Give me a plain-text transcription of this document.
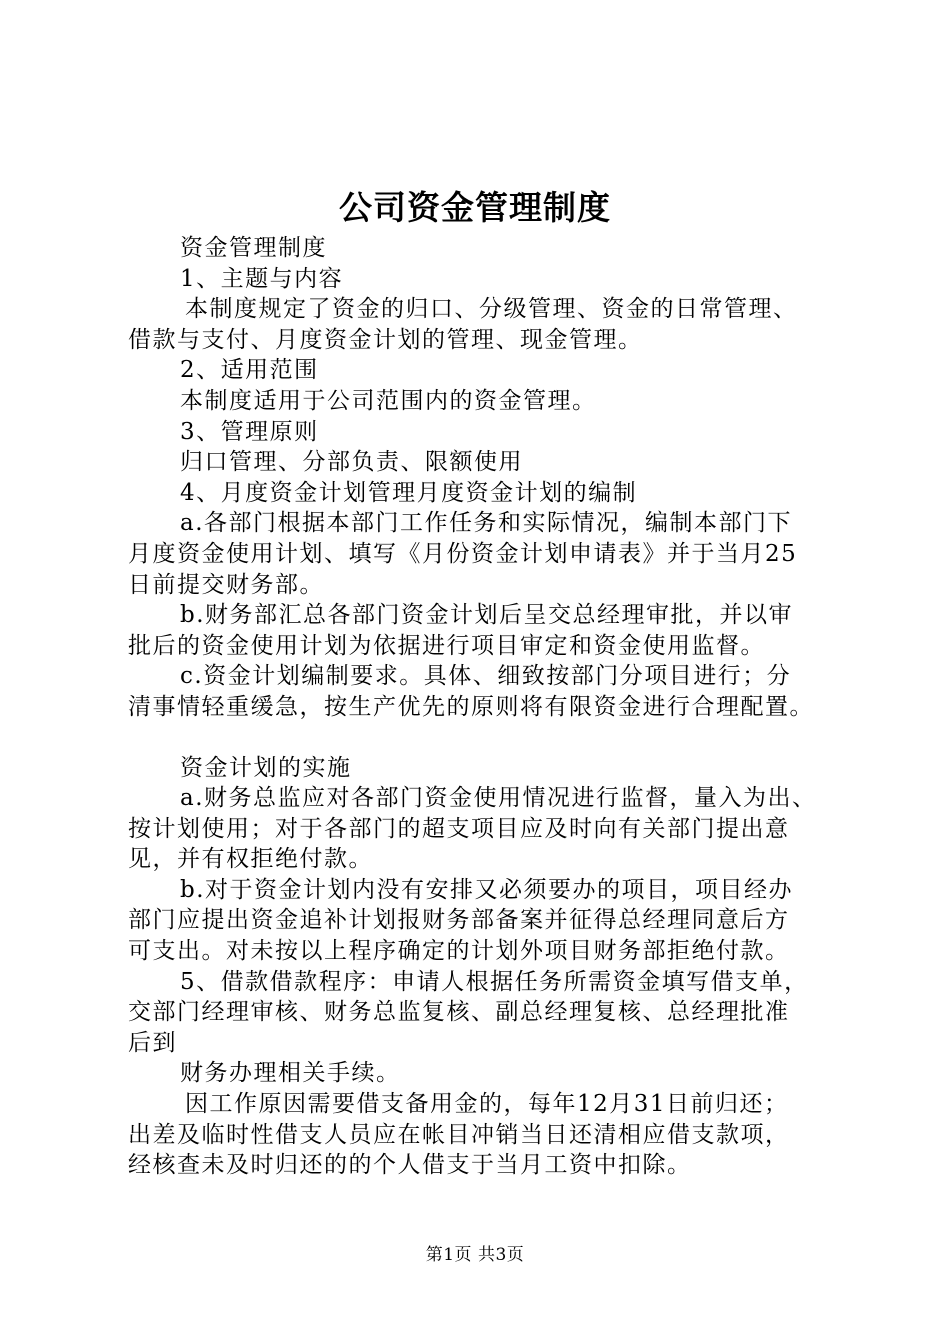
公司资金管理制度

资金管理制度

1、主题与内容

本制度规定了资金的归口、分级管理、资金的日常管理、

借款与支付、月度资金计划的管理、现金管理。

2、适用范围

本制度适用于公司范围内的资金管理。

3、管理原则

归口管理、分部负责、限额使用

4、月度资金计划管理月度资金计划的编制

a.各部门根据本部门工作任务和实际情况，编制本部门下

月度资金使用计划、填写《月份资金计划申请表》并于当月25

日前提交财务部。

b.财务部汇总各部门资金计划后呈交总经理审批，并以审

批后的资金使用计划为依据进行项目审定和资金使用监督。

c.资金计划编制要求。具体、细致按部门分项目进行；分

清事情轻重缓急，按生产优先的原则将有限资金进行合理配置。

资金计划的实施

a.财务总监应对各部门资金使用情况进行监督，量入为出、

按计划使用；对于各部门的超支项目应及时向有关部门提出意

见，并有权拒绝付款。

b.对于资金计划内没有安排又必须要办的项目，项目经办

部门应提出资金追补计划报财务部备案并征得总经理同意后方

可支出。对未按以上程序确定的计划外项目财务部拒绝付款。

5、借款借款程序：申请人根据任务所需资金填写借支单，

交部门经理审核、财务总监复核、副总经理复核、总经理批准

后到

财务办理相关手续。

因工作原因需要借支备用金的，每年12月31日前归还；

出差及临时性借支人员应在帐目冲销当日还清相应借支款项，

经核查未及时归还的的个人借支于当月工资中扣除。

第1页 共3页
